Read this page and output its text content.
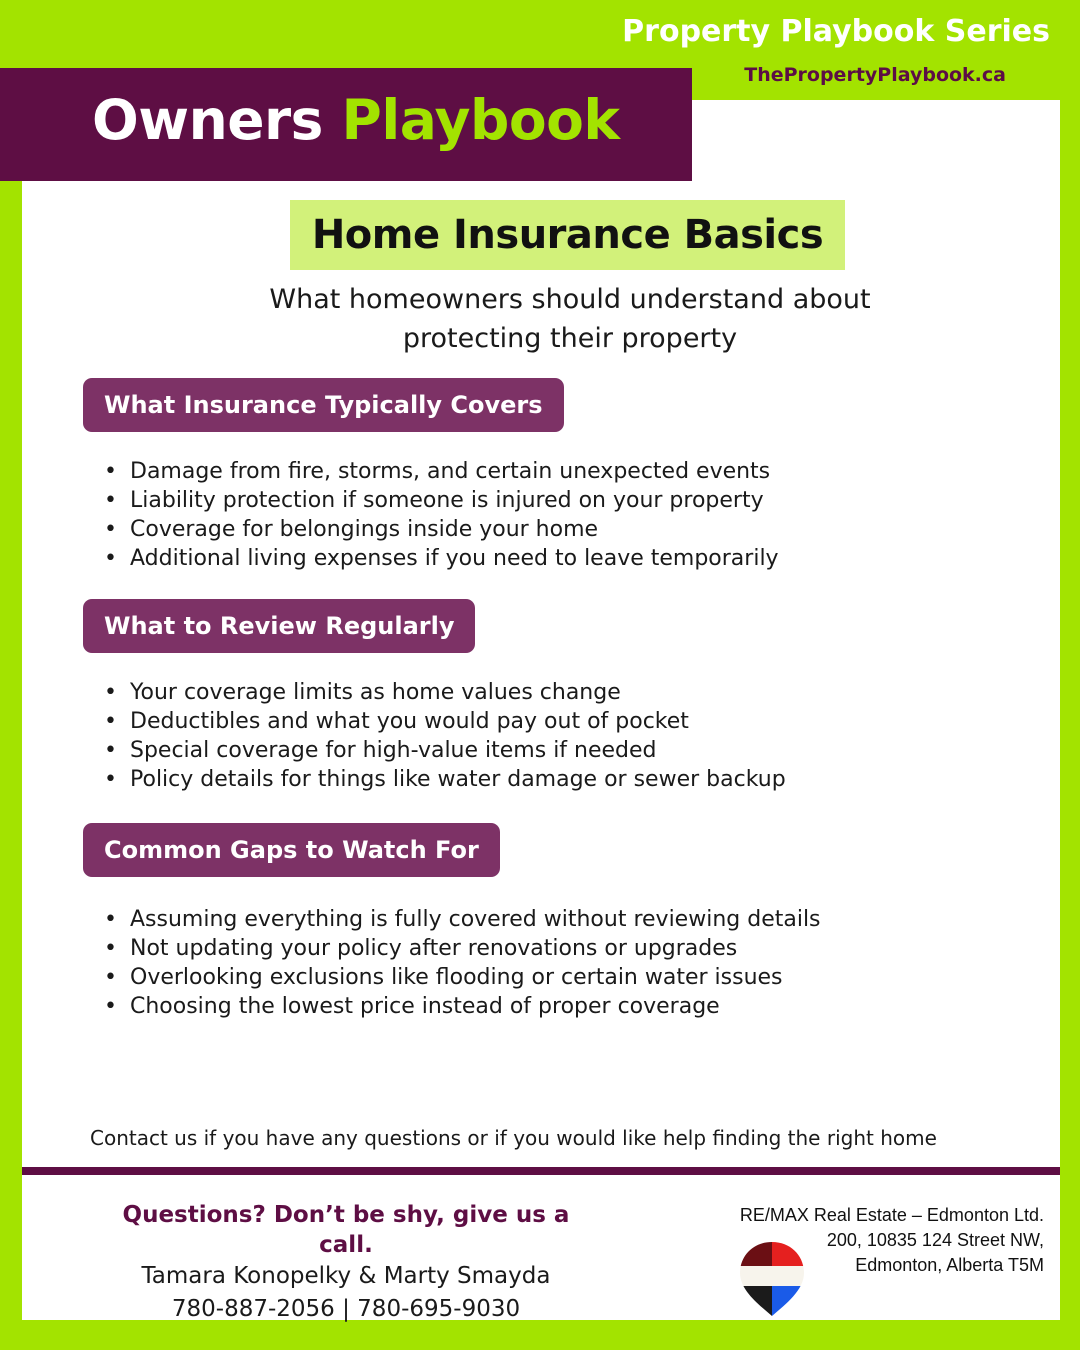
Property Playbook Series
ThePropertyPlaybook.ca
Owners Playbook
Home Insurance Basics
What homeowners should understand about
protecting their property
What Insurance Typically Covers
• Damage from fire, storms, and certain unexpected events
• Liability protection if someone is injured on your property
• Coverage for belongings inside your home
• Additional living expenses if you need to leave temporarily
What to Review Regularly
• Your coverage limits as home values change
• Deductibles and what you would pay out of pocket
• Special coverage for high-value items if needed
• Policy details for things like water damage or sewer backup
Common Gaps to Watch For
• Assuming everything is fully covered without reviewing details
• Not updating your policy after renovations or upgrades
• Overlooking exclusions like flooding or certain water issues
• Choosing the lowest price instead of proper coverage
Contact us if you have any questions or if you would like help finding the right home
Questions? Don’t be shy, give us a call.
Tamara Konopelky & Marty Smayda
780-887-2056 | 780-695-9030
RE/MAX Real Estate – Edmonton Ltd.
200, 10835 124 Street NW,
Edmonton, Alberta T5M
